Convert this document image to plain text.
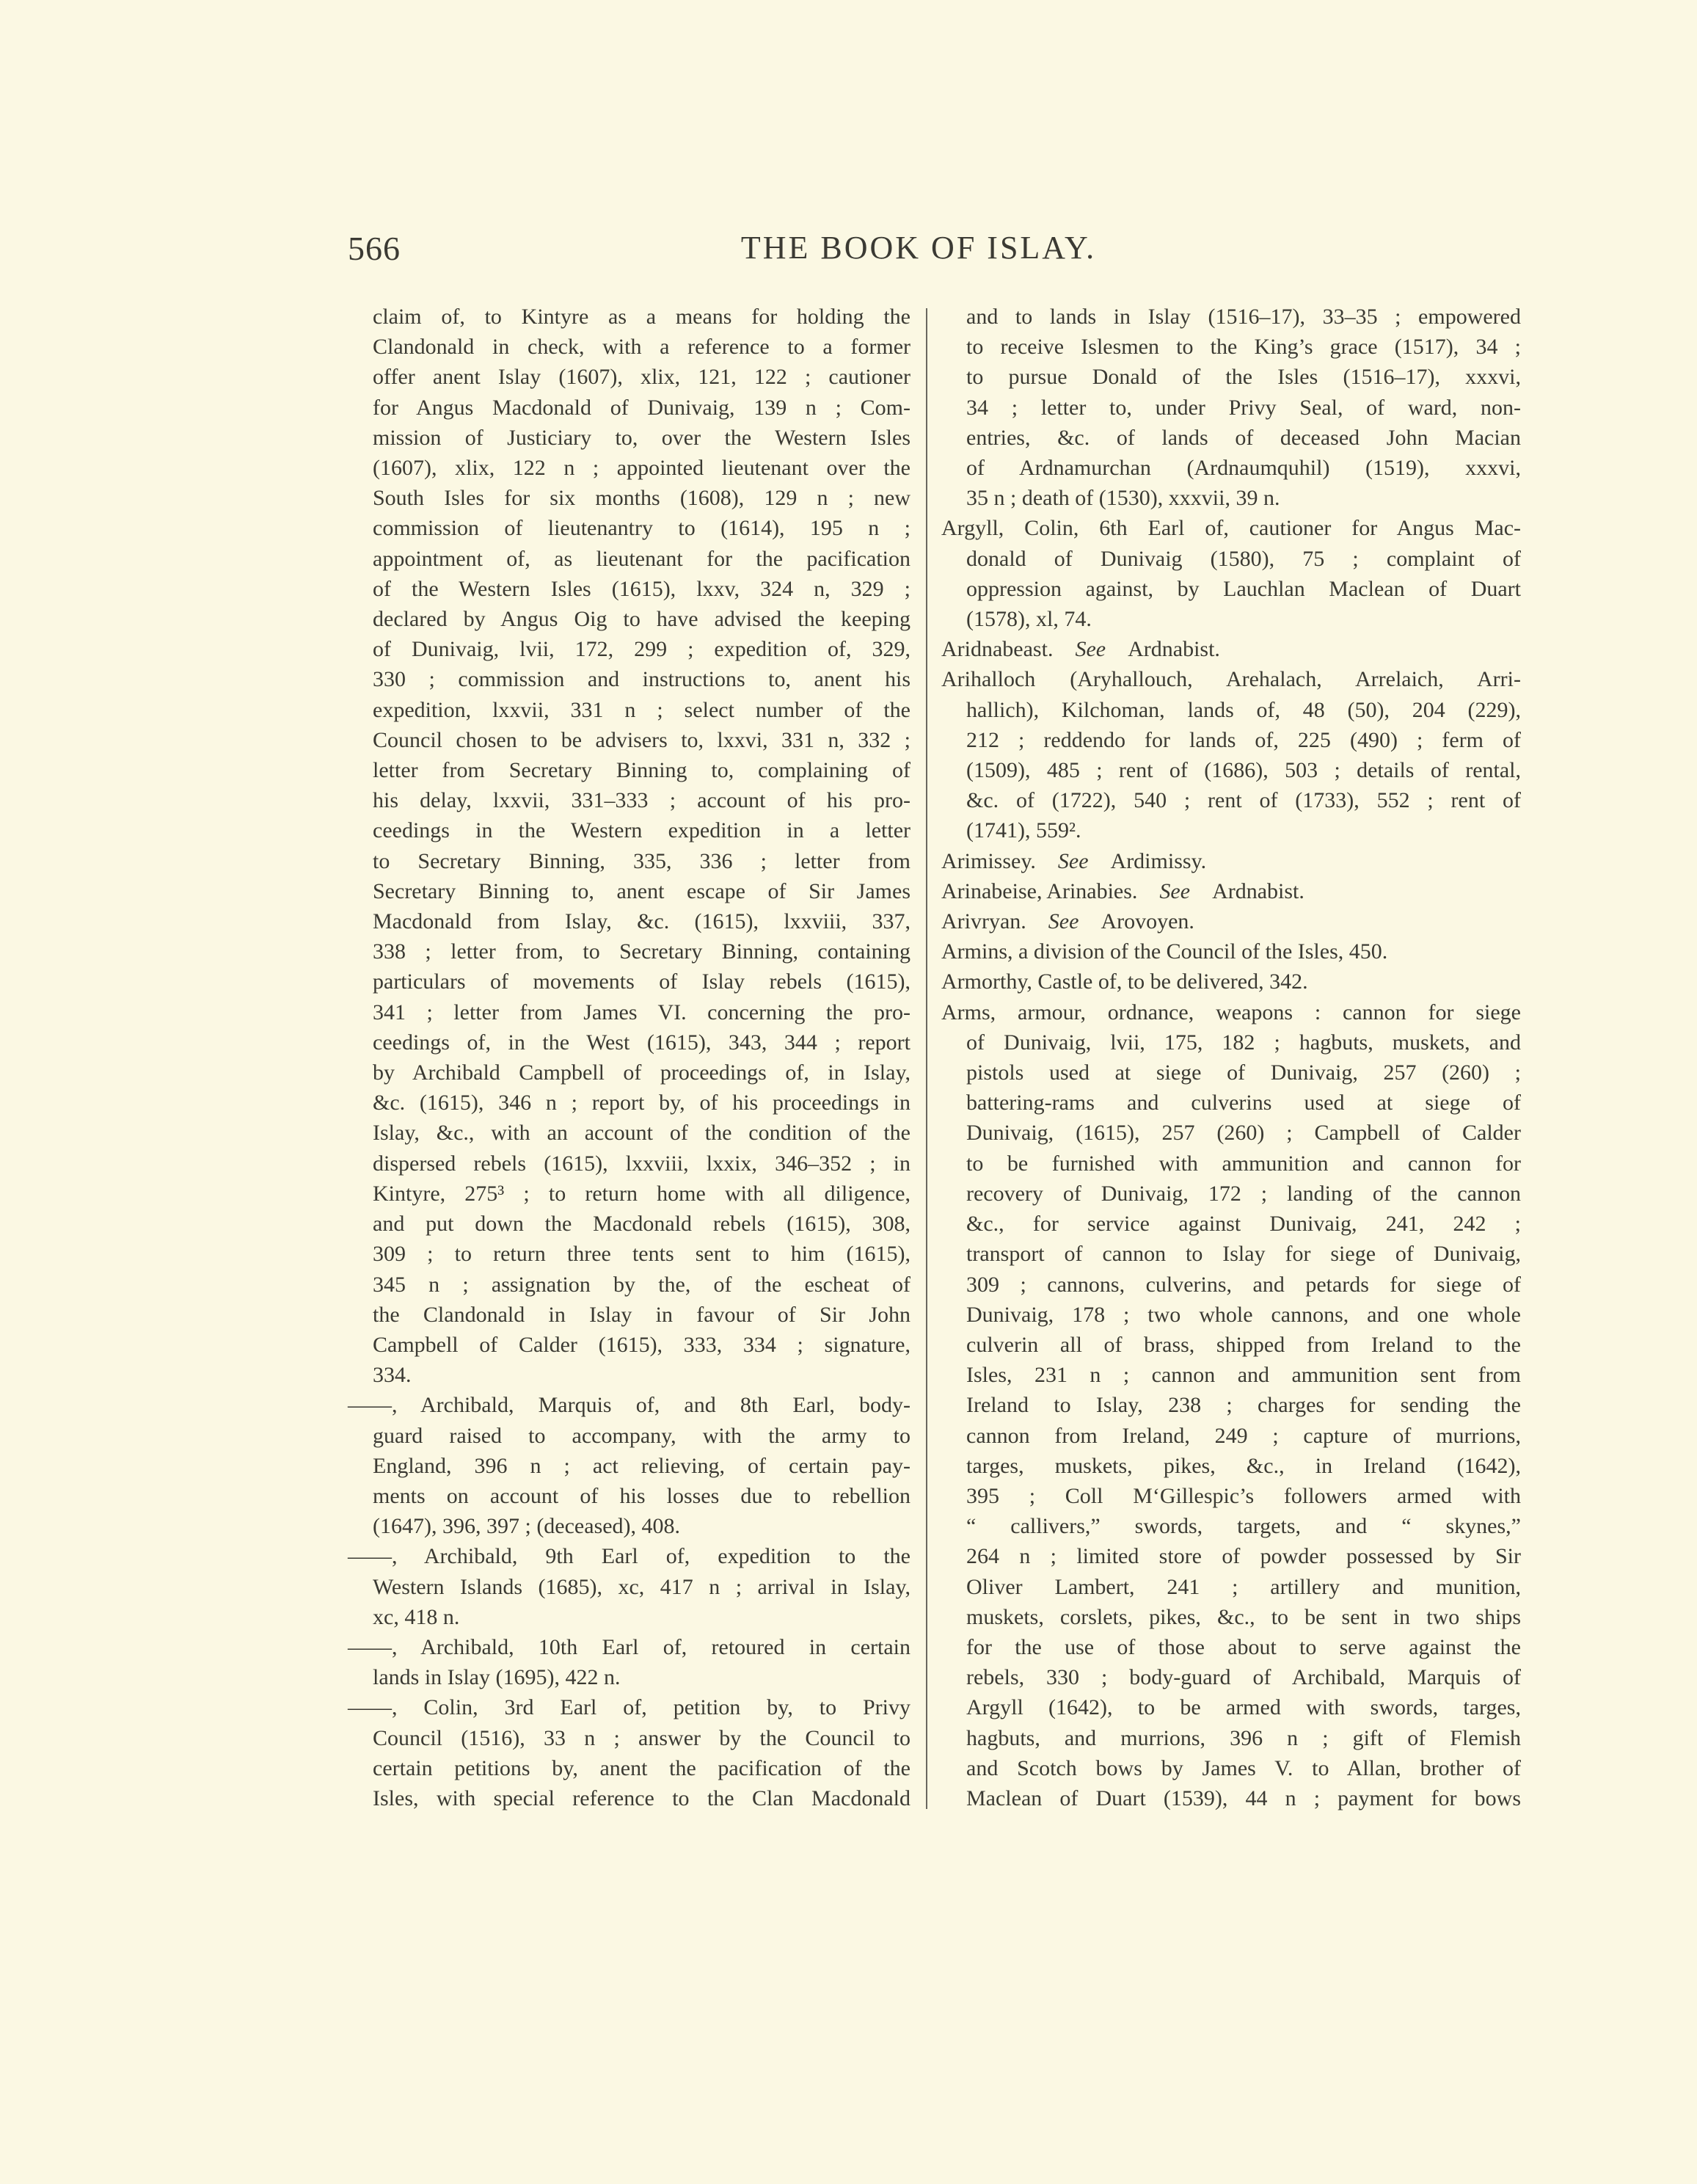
566	THE BOOK OF ISLAY.
claim of, to Kintyre as a means for holding the
Clandonald in check, with a reference to a former
offer anent Islay (1607), xlix, 121, 122 ; cautioner
for Angus Macdonald of Dunivaig, 139 n ; Com-
mission of Justiciary to, over the Western Isles
(1607), xlix, 122 n ; appointed lieutenant over the
South Isles for six months (1608), 129 n ; new
commission of lieutenantry to (1614), 195 n ;
appointment of, as lieutenant for the pacification
of the Western Isles (1615), lxxv, 324 n, 329 ;
declared by Angus Oig to have advised the keeping
of Dunivaig, lvii, 172, 299 ; expedition of, 329,
330 ; commission and instructions to, anent his
expedition, lxxvii, 331 n ; select number of the
Council chosen to be advisers to, lxxvi, 331 n, 332 ;
letter from Secretary Binning to, complaining of
his delay, lxxvii, 331–333 ; account of his pro-
ceedings in the Western expedition in a letter
to Secretary Binning, 335, 336 ; letter from
Secretary Binning to, anent escape of Sir James
Macdonald from Islay, &c. (1615), lxxviii, 337,
338 ; letter from, to Secretary Binning, containing
particulars of movements of Islay rebels (1615),
341 ; letter from James VI. concerning the pro-
ceedings of, in the West (1615), 343, 344 ; report
by Archibald Campbell of proceedings of, in Islay,
&c. (1615), 346 n ; report by, of his proceedings in
Islay, &c., with an account of the condition of the
dispersed rebels (1615), lxxviii, lxxix, 346–352 ; in
Kintyre, 275³ ; to return home with all diligence,
and put down the Macdonald rebels (1615), 308,
309 ; to return three tents sent to him (1615),
345 n ; assignation by the, of the escheat of
the Clandonald in Islay in favour of Sir John
Campbell of Calder (1615), 333, 334 ; signature,
334.
——, Archibald, Marquis of, and 8th Earl, body-
guard raised to accompany, with the army to
England, 396 n ; act relieving, of certain pay-
ments on account of his losses due to rebellion
(1647), 396, 397 ; (deceased), 408.
——, Archibald, 9th Earl of, expedition to the
Western Islands (1685), xc, 417 n ; arrival in Islay,
xc, 418 n.
——, Archibald, 10th Earl of, retoured in certain
lands in Islay (1695), 422 n.
——, Colin, 3rd Earl of, petition by, to Privy
Council (1516), 33 n ; answer by the Council to
certain petitions by, anent the pacification of the
Isles, with special reference to the Clan Macdonald
and to lands in Islay (1516–17), 33–35 ; empowered
to receive Islesmen to the King’s grace (1517), 34 ;
to pursue Donald of the Isles (1516–17), xxxvi,
34 ; letter to, under Privy Seal, of ward, non-
entries, &c. of lands of deceased John Macian
of Ardnamurchan (Ardnaumquhil) (1519), xxxvi,
35 n ; death of (1530), xxxvii, 39 n.
Argyll, Colin, 6th Earl of, cautioner for Angus Mac-
donald of Dunivaig (1580), 75 ; complaint of
oppression against, by Lauchlan Maclean of Duart
(1578), xl, 74.
Aridnabeast.  See  Ardnabist.
Arihalloch (Aryhallouch, Arehalach, Arrelaich, Arri-
hallich), Kilchoman, lands of, 48 (50), 204 (229),
212 ; reddendo for lands of, 225 (490) ; ferm of
(1509), 485 ; rent of (1686), 503 ; details of rental,
&c. of (1722), 540 ; rent of (1733), 552 ; rent of
(1741), 559².
Arimissey.  See  Ardimissy.
Arinabeise, Arinabies.  See  Ardnabist.
Arivryan.  See  Arovoyen.
Armins, a division of the Council of the Isles, 450.
Armorthy, Castle of, to be delivered, 342.
Arms, armour, ordnance, weapons : cannon for siege
of Dunivaig, lvii, 175, 182 ; hagbuts, muskets, and
pistols used at siege of Dunivaig, 257 (260) ;
battering-rams and culverins used at siege of
Dunivaig, (1615), 257 (260) ; Campbell of Calder
to be furnished with ammunition and cannon for
recovery of Dunivaig, 172 ; landing of the cannon
&c., for service against Dunivaig, 241, 242 ;
transport of cannon to Islay for siege of Dunivaig,
309 ; cannons, culverins, and petards for siege of
Dunivaig, 178 ; two whole cannons, and one whole
culverin all of brass, shipped from Ireland to the
Isles, 231 n ; cannon and ammunition sent from
Ireland to Islay, 238 ; charges for sending the
cannon from Ireland, 249 ; capture of murrions,
targes, muskets, pikes, &c., in Ireland (1642),
395 ; Coll M‘Gillespic’s followers armed with
“ callivers,” swords, targets, and “ skynes,”
264 n ; limited store of powder possessed by Sir
Oliver Lambert, 241 ; artillery and munition,
muskets, corslets, pikes, &c., to be sent in two ships
for the use of those about to serve against the
rebels, 330 ; body-guard of Archibald, Marquis of
Argyll (1642), to be armed with swords, targes,
hagbuts, and murrions, 396 n ; gift of Flemish
and Scotch bows by James V. to Allan, brother of
Maclean of Duart (1539), 44 n ; payment for bows
